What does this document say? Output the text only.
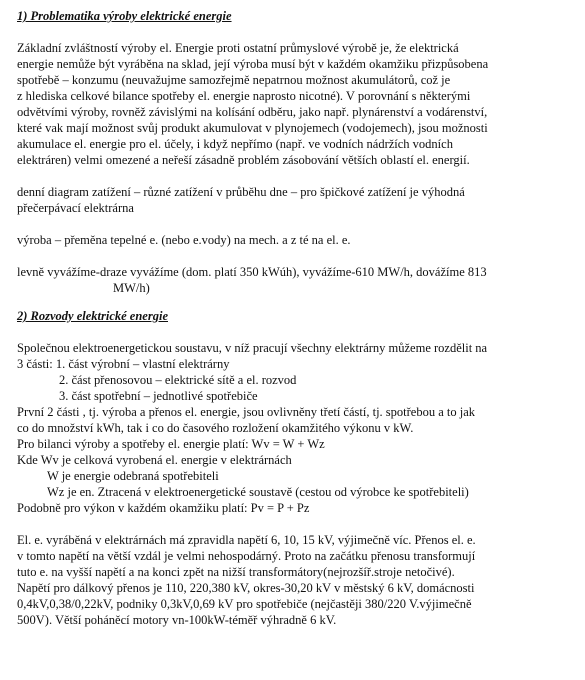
1) Problematika výroby elektrické energie

Základní zvláštností výroby el. Energie proti ostatní průmyslové výrobě je, že elektrická
energie nemůže být vyráběna na sklad, její výroba musí být v každém okamžiku přizpůsobena
spotřebě – konzumu (neuvažujme samozřejmě nepatrnou možnost akumulátorů, což je
z hlediska celkové bilance spotřeby el. energie naprosto nicotné). V porovnání s některými
odvětvími výroby, rovněž závislými na kolísání odběru, jako např. plynárenství a vodárenství,
které vak mají možnost svůj produkt akumulovat v plynojemech (vodojemech), jsou možnosti
akumulace el. energie pro el. účely, i když nepřímo (např. ve vodních nádržích vodních
elektráren) velmi omezené a neřeší zásadně problém zásobování větších oblastí el. energií.
denní diagram zatížení – různé zatížení v průběhu dne – pro špičkové zatížení je výhodná
přečerpávací elektrárna
výroba – přeměna tepelné e. (nebo e.vody) na mech. a z té na el. e.
levně vyvážíme-draze vyvážíme (dom. platí 350 kWúh), vyvážíme-610 MW/h, dovážíme 813
MW/h)

2) Rozvody elektrické energie

Společnou elektroenergetickou soustavu, v níž pracují všechny elektrárny můžeme rozdělit na
3 části: 1. část výrobní – vlastní elektrárny
2. část přenosovou – elektrické sítě a el. rozvod
3. část spotřební – jednotlivé spotřebiče
První 2 části , tj. výroba a přenos el. energie, jsou ovlivněny třetí částí, tj. spotřebou a to jak
co do množství kWh, tak i co do časového rozložení okamžitého výkonu v kW.
Pro bilanci výroby a spotřeby el. energie platí: Wv = W + Wz
Kde Wv je celková vyrobená el. energie v elektrárnách
W je energie odebraná spotřebiteli
Wz je en. Ztracená v elektroenergetické soustavě (cestou od výrobce ke spotřebiteli)
Podobně pro výkon v každém okamžiku platí: Pv = P + Pz
El. e. vyráběná v elektrárnách má zpravidla napětí 6, 10, 15 kV, výjimečně víc. Přenos el. e.
v tomto napětí na větší vzdál je velmi nehospodárný. Proto na začátku přenosu transformují
tuto e. na vyšší napětí a na konci zpět na nižší transformátory(nejrozšíř.stroje netočivé).
Napětí pro dálkový přenos je 110, 220,380 kV, okres-30,20 kV v městský 6 kV, domácnosti
0,4kV,0,38/0,22kV, podniky 0,3kV,0,69 kV pro spotřebiče (nejčastěji 380/220 V.výjimečně
500V). Větší poháněcí motory vn-100kW-téměř výhradně 6 kV.
